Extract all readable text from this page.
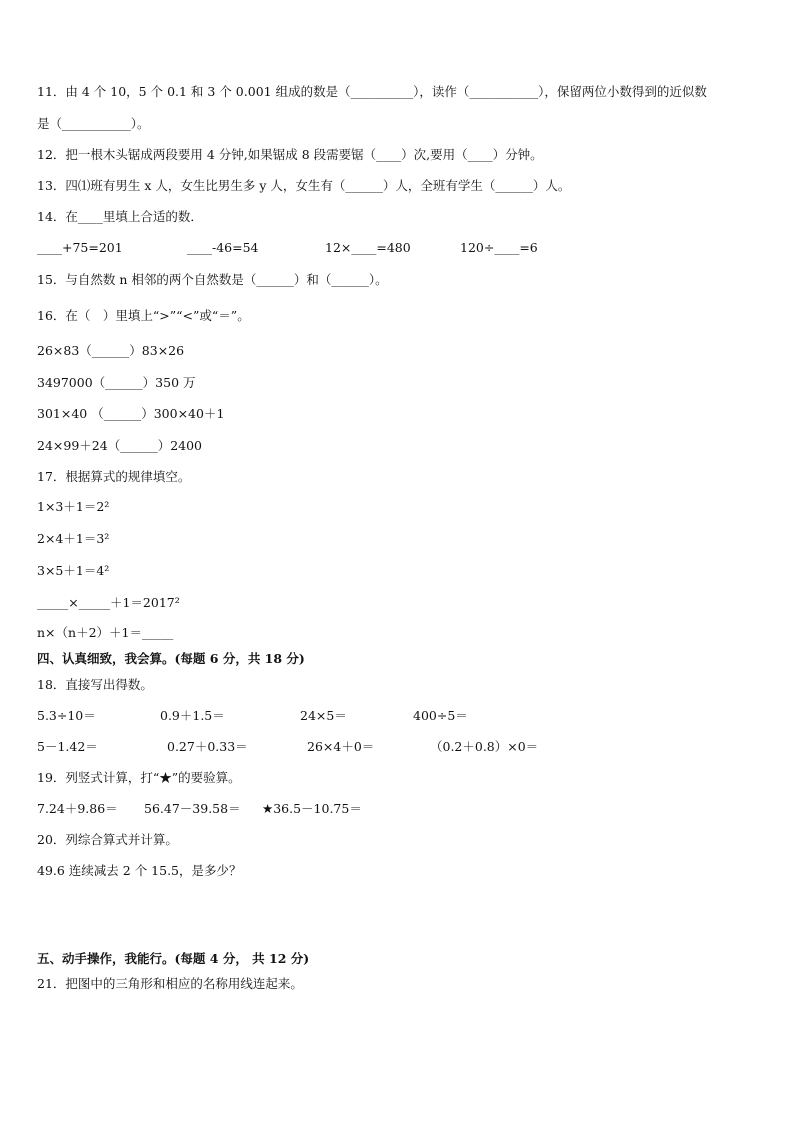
11．由 4 个 10，5 个 0.1 和 3 个 0.001 组成的数是（__________），读作（___________），保留两位小数得到的近似数
是（___________）。
12．把一根木头锯成两段要用 4 分钟,如果锯成 8 段需要锯（____）次,要用（____）分钟。
13．四⑴班有男生 x 人，女生比男生多 y 人，女生有（______）人，全班有学生（______）人。
14．在____里填上合适的数．
____+75=201	____-46=54	12×____=480	120÷____=6
15．与自然数 n 相邻的两个自然数是（______）和（______）。
16．在（　）里填上“>”“<”或“＝”。
26×83（______）83×26
3497000（______）350 万
301×40 （______）300×40＋1
24×99＋24（______）2400
17．根据算式的规律填空。
1×3＋1＝2²
2×4＋1＝3²
3×5＋1＝4²
_____×_____＋1＝2017²
n×（n＋2）＋1＝_____
四、认真细致，我会算。(每题 6 分，共 18 分)
18．直接写出得数。
5.3÷10＝	0.9＋1.5＝	24×5＝	400÷5＝
5－1.42＝	0.27＋0.33＝	26×4＋0＝	（0.2＋0.8）×0＝
19．列竖式计算，打“★”的要验算。
7.24＋9.86＝ 56.47－39.58＝ ★36.5－10.75＝
20．列综合算式并计算。
49.6 连续减去 2 个 15.5，是多少？
五、动手操作，我能行。(每题 4 分， 共 12 分)
21．把图中的三角形和相应的名称用线连起来。
